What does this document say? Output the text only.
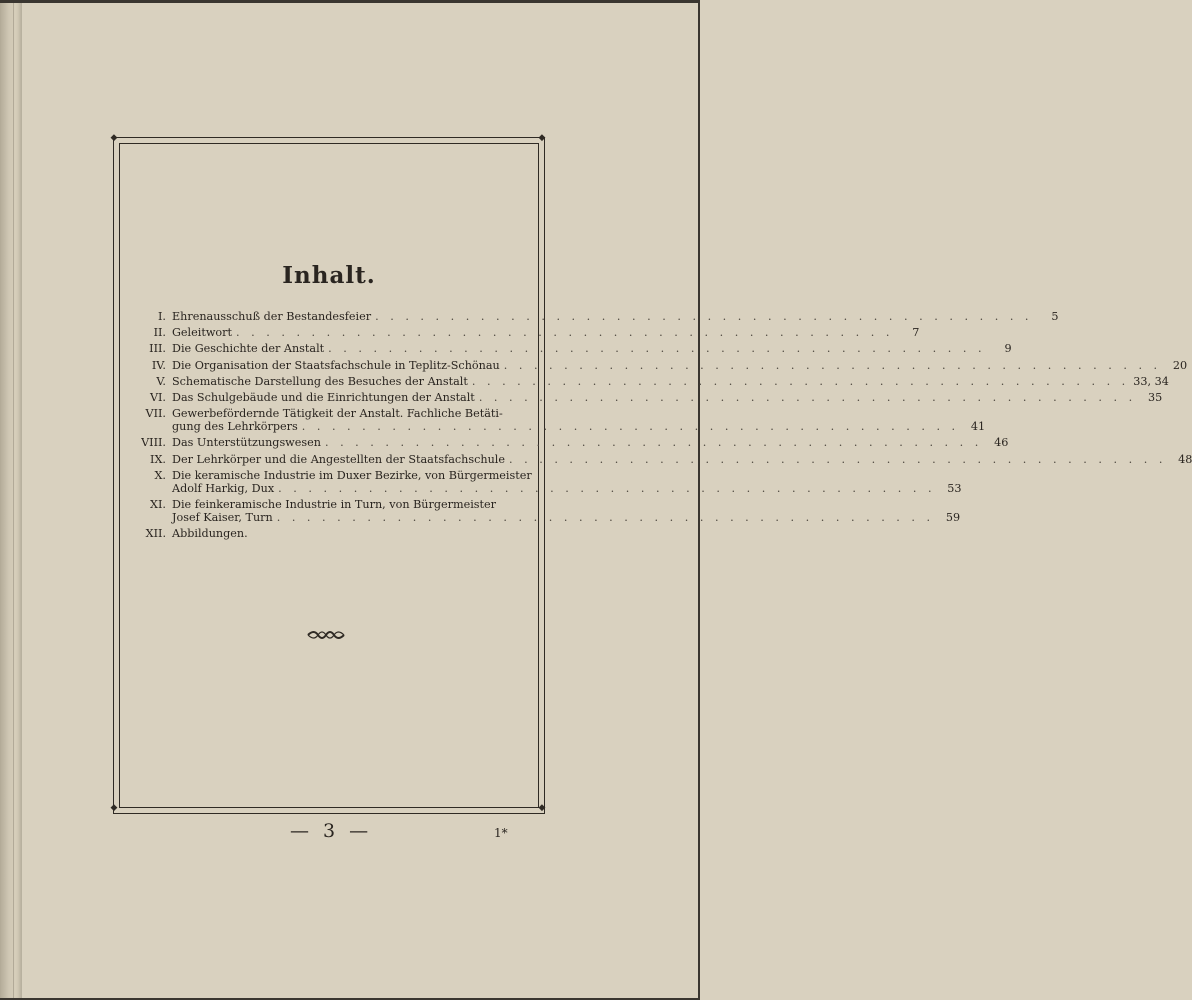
◆	◆
◆	◆
Inhalt.
I. Ehrenausschuß der Bestandesfeier . . .	5
II. Geleitwort . . .	7
III. Die Geschichte der Anstalt . . .	9
IV. Die Organisation der Staatsfachschule in Teplitz-Schönau . . .	20
V. Schematische Darstellung des Besuches der Anstalt . . .	33, 34
VI. Das Schulgebäude und die Einrichtungen der Anstalt . . .	35
VII. Gewerbefördernde Tätigkeit der Anstalt. Fachliche Betäti-
gung des Lehrkörpers . . .	41
VIII. Das Unterstützungswesen . . .	46
IX. Der Lehrkörper und die Angestellten der Staatsfachschule . . .	48
X. Die keramische Industrie im Duxer Bezirke, von Bürgermeister
Adolf Harkig, Dux . . .	53
XI. Die feinkeramische Industrie in Turn, von Bürgermeister
Josef Kaiser, Turn . . .	59
XII. Abbildungen.
— 3 —	1*
